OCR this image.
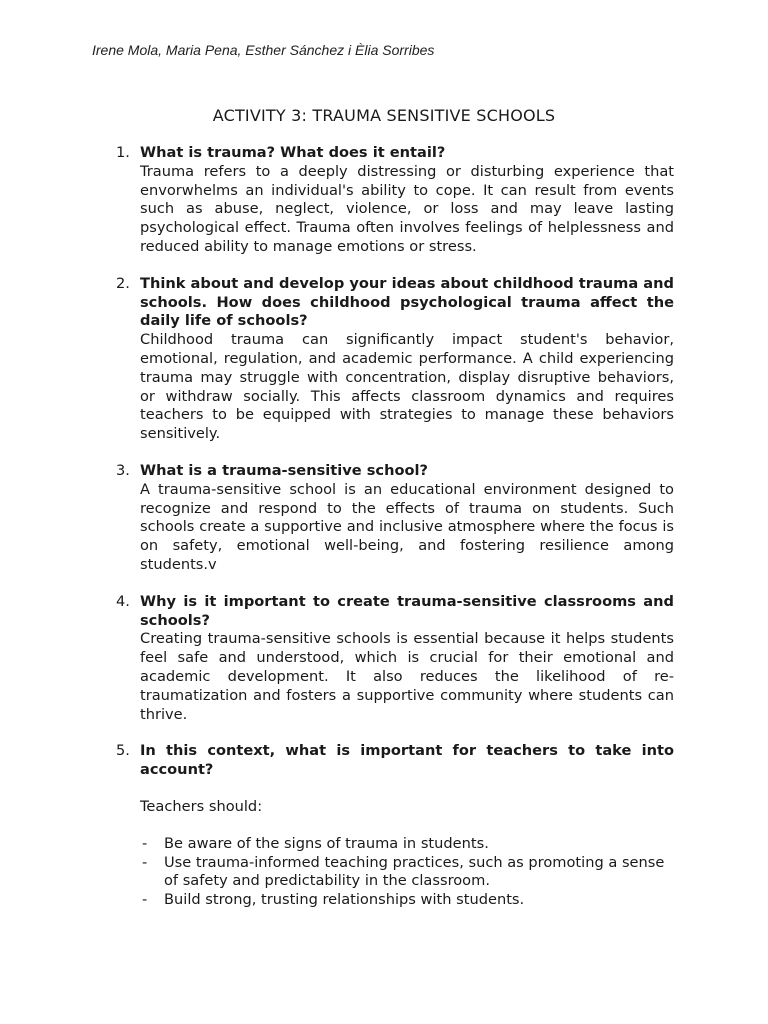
Irene Mola, Maria Pena, Esther Sánchez i Èlia Sorribes
ACTIVITY 3: TRAUMA SENSITIVE SCHOOLS
1. What is trauma? What does it entail?
Trauma refers to a deeply distressing or disturbing experience that envorwhelms an individual's ability to cope. It can result from events such as abuse, neglect, violence, or loss and may leave lasting psychological effect. Trauma often involves feelings of helplessness and reduced ability to manage emotions or stress.
2. Think about and develop your ideas about childhood trauma and schools. How does childhood psychological trauma affect the daily life of schools?
Childhood trauma can significantly impact student's behavior, emotional, regulation, and academic performance. A child experiencing trauma may struggle with concentration, display disruptive behaviors, or withdraw socially. This affects classroom dynamics and requires teachers to be equipped with strategies to manage these behaviors sensitively.
3. What is a trauma-sensitive school?
A trauma-sensitive school is an educational environment designed to recognize and respond to the effects of trauma on students. Such schools create a supportive and inclusive atmosphere where the focus is on safety, emotional well-being, and fostering resilience among students.v
4. Why is it important to create trauma-sensitive classrooms and schools?
Creating trauma-sensitive schools is essential because it helps students feel safe and understood, which is crucial for their emotional and academic development. It also reduces the likelihood of re-traumatization and fosters a supportive community where students can thrive.
5. In this context, what is important for teachers to take into account?
Teachers should:
- Be aware of the signs of trauma in students.
- Use trauma-informed teaching practices, such as promoting a sense of safety and predictability in the classroom.
- Build strong, trusting relationships with students.
